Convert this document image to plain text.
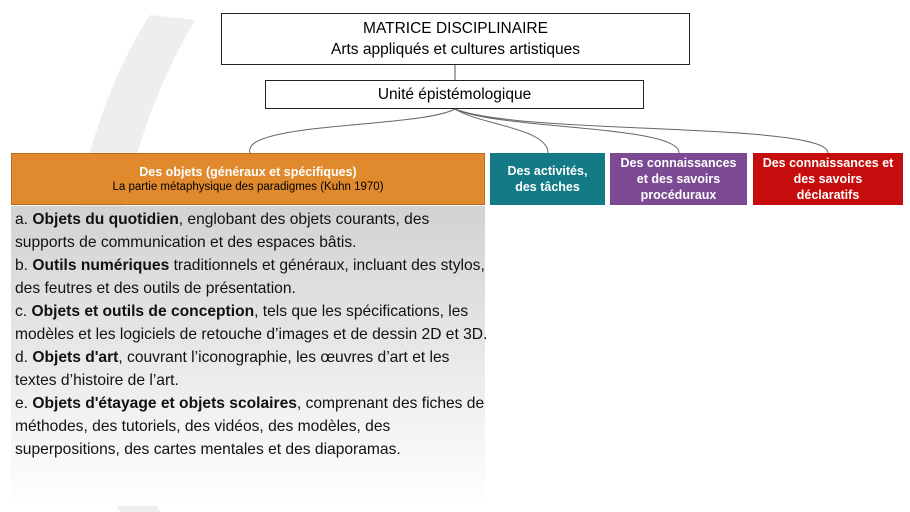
MATRICE DISCIPLINAIRE
Arts appliqués et cultures artistiques
Unité épistémologique
Des objets (généraux et spécifiques)
La partie métaphysique des paradigmes (Kuhn 1970)
Des activités,
des tâches
Des connaissances
et des savoirs
procéduraux
Des connaissances et
des savoirs
déclaratifs

a. Objets du quotidien, englobant des objets courants, des supports de communication et des espaces bâtis.

b. Outils numériques traditionnels et généraux, incluant des stylos, des feutres et des outils de présentation.

c. Objets et outils de conception, tels que les spécifications, les modèles et les logiciels de retouche d’images et de dessin 2D et 3D.

d. Objets d'art, couvrant l’iconographie, les œuvres d’art et les textes d’histoire de l’art.

e. Objets d'étayage et objets scolaires, comprenant des fiches de méthodes, des tutoriels, des vidéos, des modèles, des superpositions, des cartes mentales et des diaporamas.
